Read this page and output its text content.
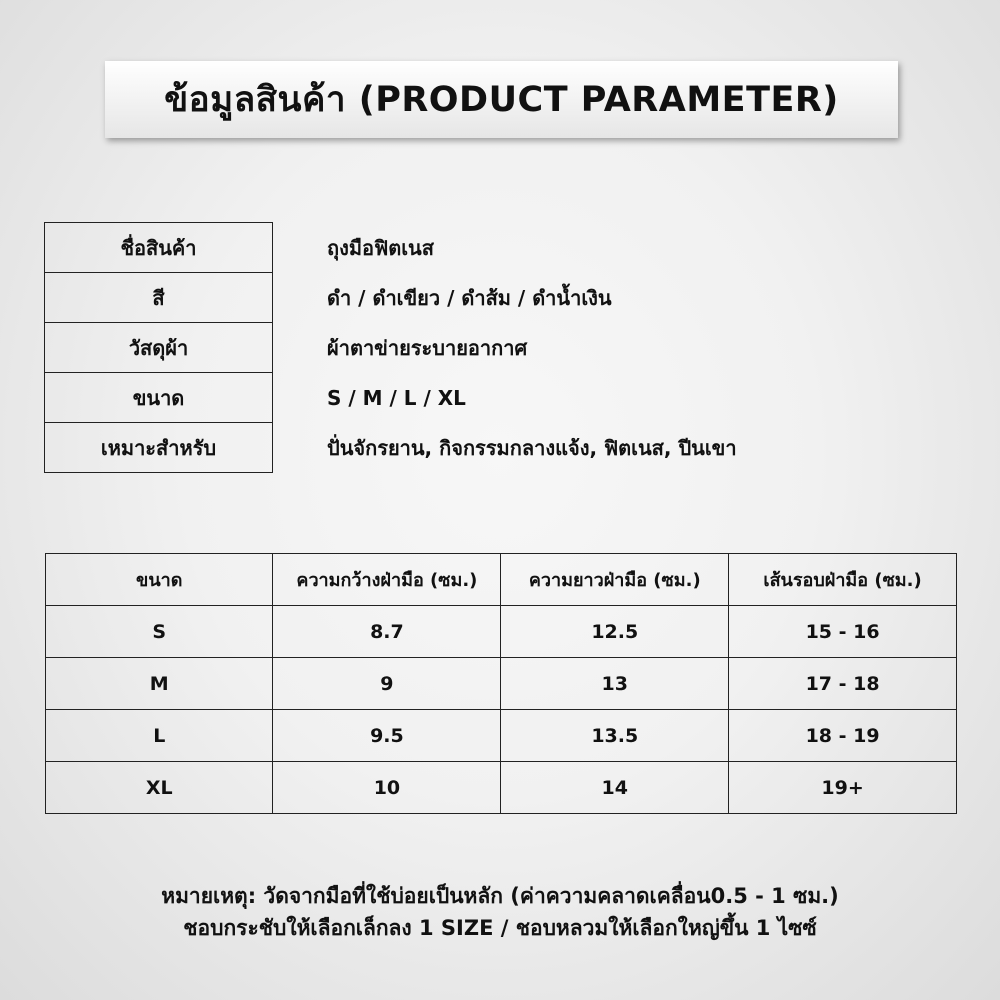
ข้อมูลสินค้า (PRODUCT PARAMETER)
ชื่อสินค้า	ถุงมือฟิตเนส
สี	ดำ / ดำเขียว / ดำส้ม / ดำน้ำเงิน
วัสดุผ้า	ผ้าตาข่ายระบายอากาศ
ขนาด	S / M / L / XL
เหมาะสำหรับ	ปั่นจักรยาน, กิจกรรมกลางแจ้ง, ฟิตเนส, ปีนเขา
ขนาด	ความกว้างฝ่ามือ (ซม.)	ความยาวฝ่ามือ (ซม.)	เส้นรอบฝ่ามือ (ซม.)
S	8.7	12.5	15 - 16
M	9	13	17 - 18
L	9.5	13.5	18 - 19
XL	10	14	19+
หมายเหตุ: วัดจากมือที่ใช้บ่อยเป็นหลัก (ค่าความคลาดเคลื่อน0.5 - 1 ซม.)
ชอบกระชับให้เลือกเล็กลง 1 SIZE / ชอบหลวมให้เลือกใหญ่ขึ้น 1 ไซซ์
